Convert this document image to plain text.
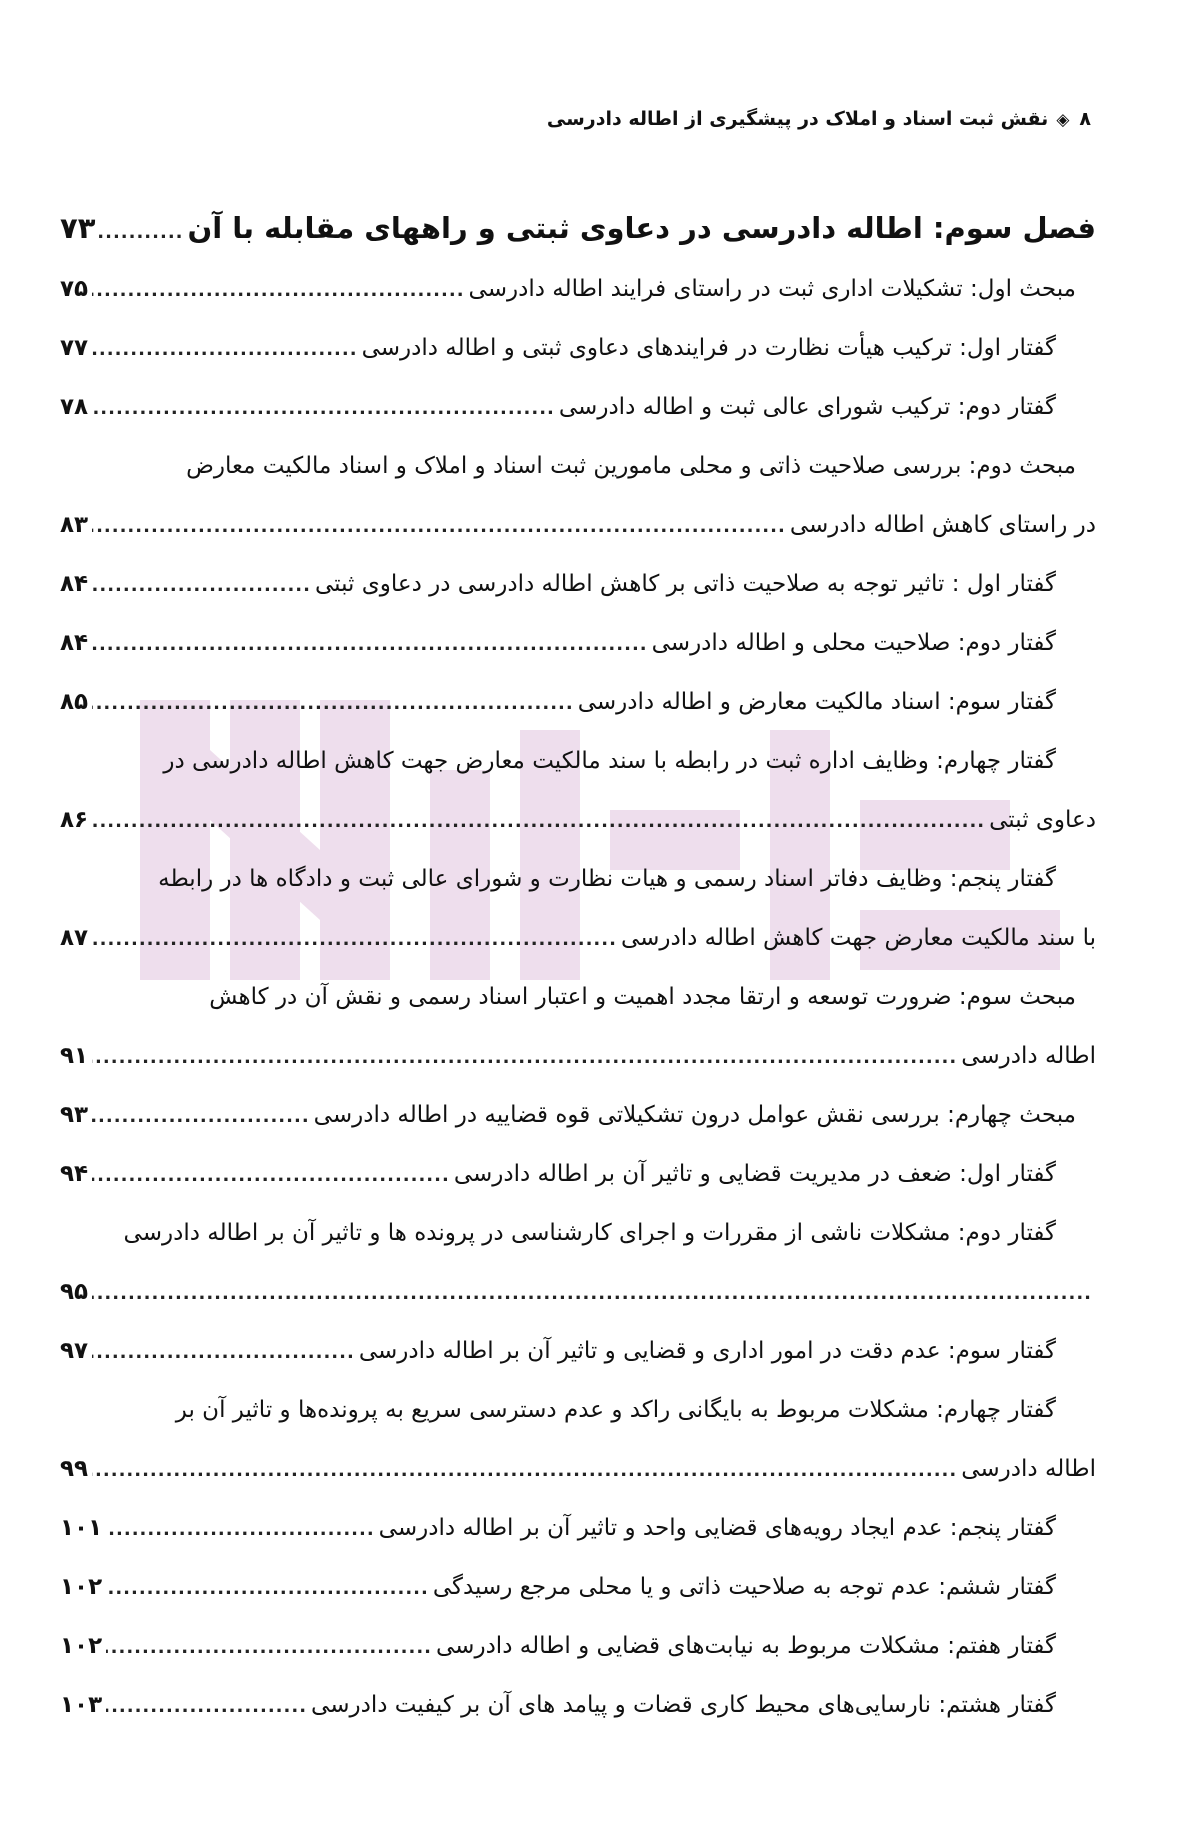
۸◈نقش ثبت اسناد و املاک در پیشگیری از اطاله دادرسی
فصل سوم: اطاله دادرسی در دعاوی ثبتی و راههای مقابله با آن
.....
۷۳
مبحث اول: تشکیلات اداری ثبت در راستای فرایند اطاله دادرسی
.....
۷۵
گفتار اول: ترکیب هیأت نظارت در فرایندهای دعاوی ثبتی و اطاله دادرسی
.....
۷۷
گفتار دوم: ترکیب شورای عالی ثبت و اطاله دادرسی
.....
۷۸
مبحث دوم: بررسی صلاحیت ذاتی و محلی مامورین ثبت اسناد و املاک و اسناد مالکیت معارض
در راستای کاهش اطاله دادرسی
.....
۸۳
گفتار اول : تاثیر توجه به صلاحیت ذاتی بر کاهش اطاله دادرسی در دعاوی ثبتی
.....
۸۴
گفتار دوم: صلاحیت محلی و اطاله دادرسی
.....
۸۴
گفتار سوم: اسناد مالکیت معارض و اطاله دادرسی
.....
۸۵
گفتار چهارم: وظایف اداره ثبت در رابطه با سند مالکیت معارض جهت کاهش اطاله دادرسی در
دعاوی ثبتی
.....
۸۶
گفتار پنجم: وظایف دفاتر اسناد رسمی و هیات نظارت و شورای عالی ثبت و دادگاه ها در رابطه
با سند مالکیت معارض جهت کاهش اطاله دادرسی
.....
۸۷
مبحث سوم: ضرورت توسعه و ارتقا مجدد اهمیت و اعتبار اسناد رسمی و نقش آن در کاهش
اطاله دادرسی
.....
۹۱
مبحث چهارم: بررسی نقش عوامل درون تشکیلاتی قوه قضاییه در اطاله دادرسی
.....
۹۳
گفتار اول: ضعف در مدیریت قضایی و تاثیر آن بر اطاله دادرسی
.....
۹۴
گفتار دوم: مشکلات ناشی از مقررات و اجرای کارشناسی در پرونده ها و تاثیر آن بر اطاله دادرسی
.....
۹۵
گفتار سوم: عدم دقت در امور اداری و قضایی و تاثیر آن بر اطاله دادرسی
.....
۹۷
گفتار چهارم: مشکلات مربوط به بایگانی راکد و عدم دسترسی سریع به پرونده‌ها و تاثیر آن بر
اطاله دادرسی
.....
۹۹
گفتار پنجم: عدم ایجاد رویه‌های قضایی واحد و تاثیر آن بر اطاله دادرسی
.....
۱۰۱
گفتار ششم: عدم توجه به صلاحیت ذاتی و یا محلی مرجع رسیدگی
.....
۱۰۲
گفتار هفتم: مشکلات مربوط به نیابت‌های قضایی و اطاله دادرسی
.....
۱۰۲
گفتار هشتم: نارسایی‌های محیط کاری قضات و پیامد های آن بر کیفیت دادرسی
.....
۱۰۳
